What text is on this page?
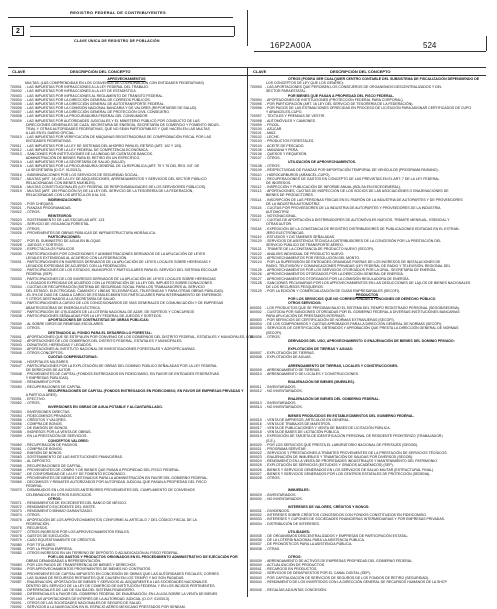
REGISTRO FEDERAL DE CONTRIBUYENTES
2
CLAVE ÚNICA DE REGISTRO DE POBLACIÓN	16P2A00A	524
CLAVE	DESCRIPCIÓN DEL CONCEPTO	CLAVE	DESCRIPCIÓN DEL CONCEPTO
APROVECHAMIENTOS
MULTAS: (LAS COMPRENDIDAS EN LOS CONVENIOS DE COORDINACIÓN CON ENTIDADES FEDERATIVAS)
700001 - LAS IMPUESTAS POR INFRACCIONES A LA LEY FEDERAL DEL TRABAJO.
700002 - LAS IMPUESTAS POR INFRACCIONES A LA LEY DE ESTADÍSTICA.
700003 - LAS IMPUESTAS POR INFRACCIONES AL REGLAMENTO DE TRÁNSITO FEDERAL.
700004 - LAS IMPUESTAS POR LA DIRECCIÓN GENERAL DE CORREOS PÚBLICOS.
700005 - LAS IMPUESTAS POR LA DIRECCIÓN GENERAL DE AUTOTRANSPORTE FEDERAL.
700006 - LAS IMPUESTAS POR LA COMISIÓN NACIONAL BANCARIA Y DE VALORES (REPORTARSE DE SALUD).
700007 - LAS IMPUESTAS POR LA DIRECCIÓN GENERAL DE PROTECCIÓN CIVIL CONSEJERO.
700008 - LAS IMPUESTAS POR LA PROCURADURÍA FEDERAL DEL CONSUMIDOR.
700009 - LAS IMPUESTAS POR AUTORIDADES JUDICIALES Y EL MINISTERIO PÚBLICO POR CONDUCTO DE LAS
DIRECCIONES GENERALES DE CAZA, SECRETARÍA DE ENERGÍA, SECRETARÍA DE COMERCIO Y FOMENTO INDUS-
TRIAL Y OTRAS AUTORIDADES FEDERATIVAS, QUE NO SEAN PARTICIPABLES Y QUE HACEN EN LAS MULTAS
A LAS EN EL DIARIO OFICIAL.
700010 - LAS IMPUESTAS POR VERIFICACIÓN DE MÁQUINAS REGISTRADORAS DE COMPROBACIÓN FISCAL POR LAS
ENTIDADES FEDERATIVAS.
700011 - LAS IMPUESTAS POR LA LEY DE SISTEMAS DEL AHORRO PARA EL RETIRO (ART. 102 Y 103).
700012 - LAS IMPUESTAS POR LA LEY FEDERAL DE COMPETENCIA ECONÓMICA.
700013 - SANCIONES POR INSTITUCIONES DE LA UNIDAD DE CUENTA DE BANCOS.
ADMINISTRACIÓN DE BIENES PARA EL RETIRO EN UN ESPECÍFICO.
700014 - LAS IMPUESTAS POR LA SECRETARÍA DE SALUD (SALUD).
700015 - LAS IMPUESTAS POR LA PROCURADURÍA GENERAL DE LA REPÚBLICA (ART. 75 Y 76 DEL REG. INT. DE
LA SECRETARÍA (D.O.F. 01/03/13).
700016 - INDEMNIZACIONES POR LOS SERVICIOS DE SEGURIDAD SOCIAL.
700017 - MULTAS (ART. 14) DE LA LEY DE ADQUISICIONES, ARRENDAMIENTOS Y SERVICIOS DEL SECTOR PÚBLICO
RELACIONADAS CON BIENES MUEBLES).
700018 - MULTAS CONSTITUCIONALES (LEY FEDERAL DE RESPONSABILIDADES DE LOS SERVIDORES PÚBLICOS).
700019 - MULTAS (ART. 159 FRACCIÓN IV) DE LA LEY DEL SERVICIO DE LA TESORERÍA DE LA FEDERACIÓN,
RELACIONADAS CON LOS ARTÍCULOS 8 AL 101.
INDEMNIZACIONES:
700020 - POR CHEQUES.
700021 - FIANZAS PROGRAMADAS.
700022 - OTROS.
REINTEGROS:
700023 - SOSTENIMIENTO DE LAS ESCUELAS ART. 123.
700024 - SERVICIO DE VIGILANCIA FORESTAL.
700025 - OTROS.
700026 - PROVENIENTES DE OBRAS PÚBLICAS DE INFRAESTRUCTURA HIDRÁULICA.
PARTICIPACIONES:
700027 - POR EL SUMINISTRO DE AGUA EN BLOQUE.
700028 - JUEGOS Y SORTEOS.
700029 - ESPECTÁCULOS PÚBLICOS.
700030 - PARTICIPACIONES POR CONCESIONES Y ADMINISTRACIONES DERIVADOS DE LA APLICACIÓN DE LEYES
LEGALES EXTENDIDAS AL ACUERDO CON LA FEDERACIÓN.
700031 - PARTICIPACIONES EN INGRESOS DERIVADOS DE LA APLICACIÓN DE LEYES LOCALES SOBRE HERENCIAS Y
LEGADOS EXPEDIDAS DE ACUERDO CON LA FEDERACIÓN.
700032 - PARTICIPACIONES DE LOS ESTADOS, MUNICIPIOS Y PARTICULARES PARA EL SERVICIO DEL SISTEMA ESCOLAR
FEDERAL (SEP).
700033 - PARTICIPACIONES DE LOS INGRESOS DERIVADOS DE LA APLICACIÓN DE LEYES LOCALES SOBRE HERENCIAS
Y LEGADOS EXPEDIDAS DE ACUERDO CON LA FEDERACIÓN DE LA LEY DEL IMPUESTO SOBRE DONACIONES.
700034 - CUOTAS DE RECUPERACIÓN (SISTEMA DE SEGURIDAD SOCIAL PARA LOS TRABAJADORES AL SERVICIO
DEL ESTADO, ELECTRICIDAD, CAMINOS Y LÍNEAS TELEGRÁFICAS, TELEFÓNICAS Y PARA OTRAS OBRAS PÚBLICAS).
700035 - EL 5% DE DIAS DE CAMA A CARGO DE ESTABLECIMIENTOS PARTICULARES PARA INTERNAMIENTO DE ENFERMOS
Y OTROS DESTINADOS A LA SECRETARÍA DE SALUD.
700036 - PARTICIPACIONES A CARGO DE LOS CONCESIONARIOS DE VÍAS GENERALES DE COMUNICACIÓN Y DE EMPRESAS
ABASTECEDORAS DE ENERGÍA ELÉCTRICA.
700037 - PARTICIPACIÓN DE UTILIDADES DE LA LOTERÍA NACIONAL DE AZAR, DE SORTEOS Y CONCURSOS
700038 - PARTICIPACIONES SEÑALADAS POR LA LEY FEDERAL DE JUEGOS Y SORTEOS.
APORTACIONES DE CONTRATISTAS DE OBRAS PÚBLICAS:
700039 - AL SOBRE GIROS DE REMESAS ESCOLARES.
700040 - OTROS.
DESTINADOS AL FONDO PARA EL DESARROLLO FORESTAL:
700041 - APORTACIONES QUE SE ESTIPULEN POR CONVENIO DE LOS GOBIERNOS DEL DISTRITO FEDERAL, ESTATALES Y MUNICIPALES, LOS
700042 - APORTACIONES DE LOS GOBIERNOS DEL DISTRITO FEDERAL, ESTATALES Y MUNICIPALES.
700043 - DONATIVOS, HERENCIAS Y LEGADOS.
700044 - APORTACIONES AL INSTITUTO NACIONAL DE INVESTIGACIONES FORESTALES Y AGROPECUARIAS.
700045 - OTROS CONCEPTOS.
CUOTAS COMPENSATORIAS:
700046 - HOSPITALES MILITARES.
700047 - PARTICIPACIONES POR LA EXPLOTACIÓN DE OBRAS DEL DOMINIO PÚBLICO SEÑALADAS POR LA LEY FEDERAL
DE DERECHOS DE AUTOR.
700048 - PROVENIENTES DE CAPITAL (FONDOS ENTREGADOS EN FIDEICOMISO, EN FAVOR DE ENTIDADES FEDERATIVAS
Y EMPRESAS PÚBLICAS).
700049 - RENDIMIENTO POR.
700050 - RECUPERACIONES DE CAPITAL.
RECUPERACIONES DE CAPITAL (FONDOS ENTREGADOS EN FIDEICOMISO, EN FAVOR DE EMPRESAS PRIVADAS Y
A PARTICULARES).
700051 - EFECTIVO.
700052 - OTROS.
INVERSIONES EN OBRAS DE AGUA POTABLE Y ALCANTARILLADO.
700053 - INVERSIONES DIRECTAS.
700054 - FIDEICOMISOS PRIVADOS.
700055 - CRÉDITOS Y VALORES.
700056 - COMPRA DE BONOS.
700057 - DE EMISIÓN DE BONOS.
700058 - INGRESOS POR LA VENTA DE OBRAS.
700059 - EN LA PRESTACIÓN DE SERVICIOS.
CONCEPTOS VALORES:
700060 - RECUPERACIÓN DE PASIVOS.
700061 - COMPRA DE BONOS.
700062 - EMISIÓN DE BONOS.
700063 - SOSTENIMIENTO DE LAS INSTITUCIONES FINANCIERAS.
700064 - AL DEPÓSITO.
700065 - RECUPERACIONES DE CAPITAL.
700066 - PROVENIENTES DE COBRO Y DE BIENES QUE PASAN A PROPIEDAD DEL FISCO FEDERAL.
700067 - DE CONFORMIDAD DE LA LEY DE FOMENTO ECONÓMICO.
700068 - PROVENIENTES DE BIENES DESTINADOS PARA LA ADMINISTRACIÓN EN FAVOR DEL GOBIERNO FEDERAL.
700069 - DECOMISOS Y REMATES AUTORIZADOS POR AUTORIDAD JUDICIAL QUE PASAN A PROPIEDAD DEL FISCO
FEDERAL.
700070 - DISMINUIDOS EN LOS INCISOS ANTERIORES PROVENIENTES DEL CUMPLIMIENTO DE CONVENIOS
CELEBRADOS EN OTROS EJERCICIOS.
OTROS:
700071 - RENDIMIENTOS DE EXCEDENTES DEL BANCO DE MÉXICO.
700072 - RENDIMIENTO EXCEDENTE DEL ISSSTE.
700073 - RENDIMIENTO MÍNIMO GARANTIZADO.
700074 - OTROS.
700075 - APORTACIÓN DE LOS APROVECHAMIENTOS CONFORME AL ARTÍCULO 7 DEL CÓDIGO FISCAL DE LA
FEDERACIÓN.
700076 - RECURSOS.
700077 - OTROS INGRESOS POR LOS APROVECHAMIENTOS REALES.
700078 - GASTOS DE EJECUCIÓN.
700079 - CASO EQUITATIVAMENTE DE CRÉDITOS.
700080 - POR TITULARES.
700081 - POR LA PROPIA EMPRESA.
700082 - OTROS INGRESOS EN UN TERRENO DE DEPÓSITO O ADJUDICACIÓN AL FISCO FEDERAL.
POR LOS GASTOS Y PRODUCTOS ORIGINADOS EN EL PROCEDIMIENTO ADMINISTRATIVO DE EJECUCIÓN POR
OBRAS DEMANDADAS A REPRESENTACIÓN.
700083 - POR LOS PAGOS DE TRANSFERENCIA DE BIENES Y DERECHOS.
700084 - POR APROVECHAMIENTOS PROVENIENTES DE BIENES NO CONTRATOS.
700085 - PROVENIENTES DE CAPITAL IMPUESTO EN CONCESIÓN DE OBRAS QUE LAS AUTORIDADES FISCALES, CORRES
700086 - LAS SUMAS DE RECURSOS RESTANTES QUE CAUSEN EN LOS TIEMPO Y NO SON PAGADAS.
700087 - ENAJENACIÓN, APORTACIÓN DE BIENES Y SERVICIOS AL ADQUIRIENTE A LAS SOCIEDADES NACIONALES
DENTRO DEL SERVICIO DE LA LEY DE COMERCIO DE INSTITUCIÓN FEDERAL Y EN LOS INCISOS PERTINENTES.
700088 - DIFERENCIALES DE LAS DE SALIDA DEL SISTEMA FINANCIERO.
700089 - DIFERENCIALES A FAVOR DEL GOBIERNO FEDERAL DE ENAJENACIÓN, EN LA LIGA SOBRE LA VENTA DE BIENES
700090 - POR LAS APORTACIONES DE INTERÉS DE LA AUTORIDAD JUDICIAL (D.O.F. 01/03/13).
700091 - OTROS DE LAS SOCIEDADES NACIONALES DE SEGURO DE SALUD.
700092 - SERVICIOS A LA NAVEGACIÓN EN EL ESPACIO AÉREO MEXICANO PRESTADOS POR SENEAM.
OTROS (PODRÁ SER CUALQUIER CENTRO CONTABLE DEL SUBSISTEMA DE FISCALIZACIÓN DEPENDIENDO DE
LOS CONCEPTOS DE LEY QUE LOS GENERE):
700093 - LAS APORTACIONES QUE PERCIBEN LOS CONSEJEROS DE ORGANISMOS DESCENTRALIZADOS Y DEL
SECTOR PARAESTATAL.
POR BIENES QUE PASAN A PROPIEDAD DEL FISCO FEDERAL.
700094 - APORTACIONES DE INSTITUCIONES (PROTECCIÓN FEDERAL PARA CORPORAL).
700095 - POR PARTICIPACIÓN (ART. 16 LEY DEL SERVICIO DE TESORERÍA DE LA FEDERACIÓN).
700096 - POR PAGOS DE LAS ESTIMACIONES OFRECIDAS EN PROCESO DE LICITACIÓN PARA ASIGNAR CERTIFICADOS DE CUPO
Y ARANCELES-CUPO.
700097 - TEXTILES Y PRENDAS DE VESTIR.
700098 - AUTOMÓVILES Y CAMIONES.
700099 - FRIJOL.
700100 - AZÚCAR.
700101 - MAÍZ.
700102 - LECHE.
700103 - PRODUCTOS FORESTALES.
700104 - ACEITE DE PESCADO.
700105 - MANZANA Y PERA.
700106 - QUESOS Y REQUESÓN.
700107 - OTROS.
UTILIZACIÓN DE APROVECHAMIENTOS.
700108 - OTROS.
700109 - RESPECTIVIDAD DE FIANZAS POR IMPORTACIÓN TEMPORAL DE VEHÍCULOS (PROGRAMA PAISANO).
700110 - HIDROCARBUROS (ARANCEL-CUPO).
700111 - RECUPERACIONES DE GASTOS EN CONCEPTO DE LAS PREVISTAS EN EL ART. 7 DE LA LEY FEDERAL
DE INGRESOS.
700112 - INSPECCIÓN Y PUBLICACIÓN DE INFORME ANUAL (BOLSA EN ESCEGENERAL).
700113 - APORTACIONES, CUOTAS DE INSPECCIÓN DE LOS SOCIOS DE LAS ASOCIACIONES O ENAJENACIONES DE
BIENES DE PRODUCTORES.
700114 - INSCRIPCIÓN DE LAS PERSONAS FÍSICAS EN EL PADRÓN DE LA INDUSTRIA DE AUTOPARTES Y DE PROVEEDORES
DE LA INDUSTRIA AUTOMOTRIZ.
700115 - CUOTAS POR PROVEEDORES DE LA INDUSTRIA DE AUTOPARTES Y PROVEEDORES DE LA INDUSTRIA
AUTOMOTRIZ.
700116 - NOTIONACIONAL.
700117 - CUOTAS DE APORTACIÓN A DISTRIBUIDORES DE AUTOMÓVILES NUEVOS, TRÁMITE MENSUAL, ESENCIAL Y
OTRAS AUTOR.
700118 - EXPEDICIÓN DE LA CONSTANCIA DE REGISTRO DISTRIBUIDORES DE PUBLICACIONES EDITADAS EN EL EXTRAN-
JERO ELECTRÓNICAS.
700119 - ESTUDIOS Y DICTÁMENES SEÑALADAS.
700120 - SERVICIOS DE ASISTENCIA TÉCNICA A DISTRIBUIDORES DE LA CONCESIÓN POR LA PRESTACIÓN DEL
SERVICIO PÚBLICO DE TRANSPORTE AÉREO.
700121 - TRÁMITE DE LA CONSTANCIA DE PRODUCTO NUEVO (SECOFI).
700122 - ANÁLISIS INDIVIDUAL DE PRODUCTO NUEVO.
700123 - APROVECHAMIENTOS POR RESOLUCIÓN DEL MONTO.
700124 - POR LA SUPERVISIÓN DE ENTIDADES GRAVADAS PUERAS DE LOS INGRESOS DE INSTALACIONES DE
RADIO, TELEVISIÓN Y COMUNICACIONES PRIVADAS (LEY FEDERAL DE RADIO Y TELEVISIÓN, REGIONAL DEL
700125 - APROVECHAMIENTOS POR LOS SERVICIOS OTORGADOS POR LA GRAL. SECRETARÍA DE ENERGÍA.
700126 - APROVECHAMIENTOS OTORGADOS POR LA DIRECCIÓN GENERAL DE ENERGÍA.
700127 - APROVECHAMIENTOS OTORGADOS POR LA COMISIÓN REGULADORA DE ENERGÍA.
700128 - SANCIONES PECUNIARIAS POR LOS APROVECHAMIENTOS EN LAS DEDUCCIONES DE LA(LOS DE BIENES NACIONALES
DE LOS RECURSOS PESQUEROS.
700129 - POR LA EDICIÓN Y COMERCIALIZACIÓN DE GUÍAS EMPRESARIALES (SECOFI).
PRODUCTOS
POR LOS SERVICIOS QUE NO CORRESPONDAN A FUNCIONES DE DERECHO PÚBLICO
OTROS SERVICIOS:
800001 - LOS PRODUCTOS QUE SE PERCIBAN BAJO EL SISTEMA DEL TIEMPO REGISTRADO PERSONAL (SEGOB/SEDENA).
800002 - CUSTODIA POR SANCIONES OTORGADAS POR EL GOBIERNO FEDERAL A DIVERSAS INSTITUCIONES BANCARIAS
PARA APLICACIÓN DE PRESTAMOS INTERNOS.
800003 - POR SERVICIOS DE CERTIFICACIÓN DE NORMAS EXTRANJERAS (SECOFI).
800004 - DE LOS COMPROMISOS Y CUOTAS APROBADOS PARA LA DIRECCIÓN GENERAL DE NORMAS (SECOFI).
800005 - SERVICIOS DE CERTIFICACIÓN, OBTENIDOS Y APROBACIÓN QUE PRESTA LA DIRECCIÓN GENERAL DE NORMAS
(SECOFI).
800006 - OTROS.
DERIVADOS DEL USO, APROVECHAMIENTO O ENAJENACIÓN DE BIENES DEL DOMINIO PRIVADO:
EXPLOTACIÓN DE TIERRAS Y AGUAS:
800007 - EXPLOTACIÓN DE TIERRAS.
800008 - EXPLOTACIÓN DE AGUAS.
ARRENDAMIENTO DE TIERRAS, LOCALES Y CONSTRUCCIONES.
800009 - ARRENDAMIENTO DE TIERRAS.
800010 - ARRENDAMIENTO DE LOCALES Y CONSTRUCCIONES.
ENAJENACIÓN DE BIENES (MUEBLES).
800011 - INVENTARIADOS.
800012 - NO INVENTARIADOS.
ENAJENACIÓN DE BIENES DEL GOBIERNO FEDERAL.
800013 - INVENTARIADOS.
800014 - NO INVENTARIADOS.
BIENES PRODUCIDOS EN ESTABLECIMIENTOS DEL GOBIERNO FEDERAL.
800015 - VENTA DE IMPRESOS, ARTÍCULOS EN GENERAL.
800016 - VENTA DE TRABAJOS DE MAESTROS.
800017 - VENTA DE PUBLICACIONES Y VENTA DE BASES DE LICITACIÓN PÚBLICA.
800018 - VENTA DE BASES DE LICITACIÓN PÚBLICA.
800019 - EXPEDICIÓN DE TARJETA DE IDENTIFICACIÓN PERSONAL DE RESIDENTE FRONTERIZO (TRABAJADOR)
(S.E.).
800020 - POR LOS SERVICIOS QUE PRESTA EL LABORATORIO NACIONAL DE PERITAJES (SEGOB).
800021 - PROGRAMA SERVITAR.
800022 - SERVICIOS Y PRESTACIONES A TRÁMITES PROVENIENTES DE LA PRESTACIÓN DE SERVICIOS TÉCNICOS.
800023 - ENAJENACIÓN DE INMUEBLES Y TRAMITACIÓN DE SALIDAS POR DIVERSOS (SEGOB).
800024 - RENDIMIENTO EN LA VENTA DE PROPIEDADES INDUSTRIALES Y MANTENIMIENTO DEL PATRIMONIO.
800025 - EXPLOTACIÓN DE SERVICIOS (ESTUDIOS Y GRADOS ACADÉMICOS) (SEP).
800026 - BIENES Y SERVICIOS GENERADOS EN LOS SERVICIOS DE SALUD MILITAR (ESTRUCTURAL FINAL).
800027 - BIENES Y SERVICIOS GENERADOS POR LOS CENTROS ESTATALES DE PROTECCIÓN (SEDENA).
800028 - OTROS.
INMUEBLES:
800029 - INVENTARIADOS.
800030 - NO INVENTARIADOS.
INTERESES DE VALORES, CRÉDITOS Y BONOS:
800031 - DIVIDENDOS.
800032 - INTERESES SOBRE CRÉDITOS CONCEDIDOS CON FONDOS CONSTITUIDOS EN FIDEICOMISO.
800033 - INTERESES Y CUPONES DE SOCIEDADES FINANCIERAS INTERMEDIARIAS Y POR EMPRESAS PRIVADAS.
800034 - DISTRIBUCIÓN DE INTERESES.
UTILIDADES:
800035 - DE ORGANISMOS DESCENTRALIZADOS Y EMPRESAS DE PARTICIPACIÓN ESTATAL.
800036 - DE LA LOTERÍA NACIONAL PARA LA ASISTENCIA PÚBLICA.
800037 - DE PRONÓSTICOS PARA LA ASISTENCIA PÚBLICA.
800038 - OTRAS.
OTROS:
800039 - ARRENDAMIENTO DE ACTIVOS DE EMPRESAS PROPIEDAD DEL GOBIERNO FEDERAL.
800040 - ACTUALIZACIÓN DE PRODUCTOS.
800041 - RECARGOS EN PRODUCTOS.
800042 - SERVICIOS DE DESAPUESTOS POR EL CANAL DIGITAL (SEP).
800043 - POR CAPITALIZACIÓN DE SERVICIOS DE SEGUROS DE LOS FONDOS DE RETIRO (SEGURIDAD).
800044 - RENDIMIENTO DE LOS INVERTIDOS CON LA DIRECCIÓN GENERAL DE RECURSOS HUMANOS DE LA SHCP.
800045 - REGALÍAS ADJUNTAS CONCESIÓN.
